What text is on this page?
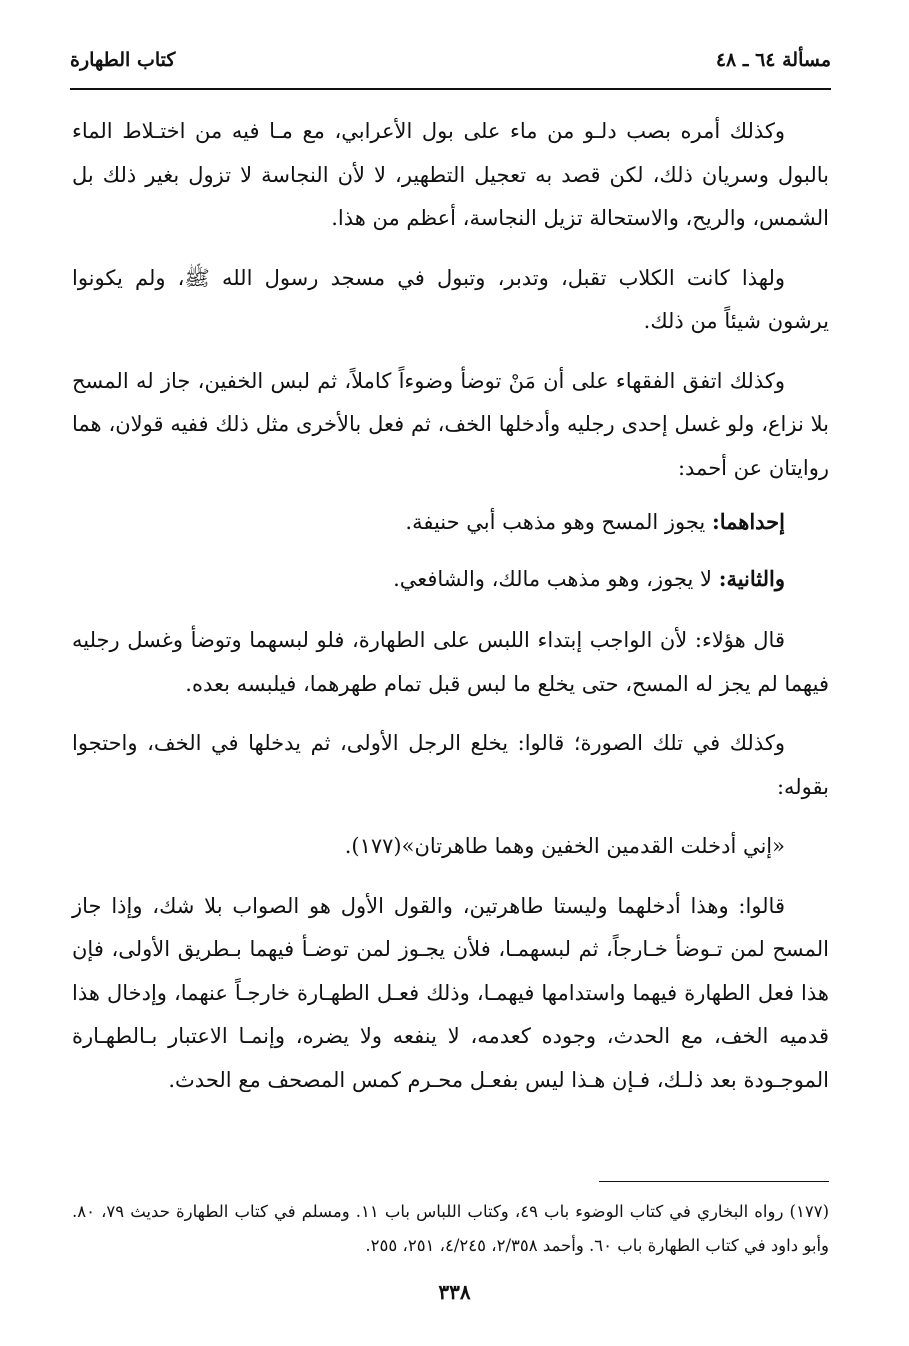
مسألة ٦٤ ـ ٤٨
كتاب الطهارة

وكذلك أمره بصب دلـو من ماء على بول الأعرابي، مع مـا فيه من اختـلاط الماء بالبول وسريان ذلك، لكن قصد به تعجيل التطهير، لا لأن النجاسة لا تزول بغير ذلك بل الشمس، والريح، والاستحالة تزيل النجاسة، أعظم من هذا.

ولهذا كانت الكلاب تقبل، وتدبر، وتبول في مسجد رسول الله ﷺ، ولم يكونوا يرشون شيئاً من ذلك.

وكذلك اتفق الفقهاء على أن مَنْ توضأ وضوءاً كاملاً، ثم لبس الخفين، جاز له المسح بلا نزاع، ولو غسل إحدى رجليه وأدخلها الخف، ثم فعل بالأخرى مثل ذلك ففيه قولان، هما روايتان عن أحمد:

إحداهما: يجوز المسح وهو مذهب أبي حنيفة.

والثانية: لا يجوز، وهو مذهب مالك، والشافعي.

قال هؤلاء: لأن الواجب إبتداء اللبس على الطهارة، فلو لبسهما وتوضأ وغسل رجليه فيهما لم يجز له المسح، حتى يخلع ما لبس قبل تمام طهرهما، فيلبسه بعده.

وكذلك في تلك الصورة؛ قالوا: يخلع الرجل الأولى، ثم يدخلها في الخف، واحتجوا بقوله:

«إني أدخلت القدمين الخفين وهما طاهرتان»(١٧٧).

قالوا: وهذا أدخلهما وليستا طاهرتين، والقول الأول هو الصواب بلا شك، وإذا جاز المسح لمن تـوضأ خـارجاً، ثم لبسهمـا، فلأن يجـوز لمن توضـأ فيهما بـطريق الأولى، فإن هذا فعل الطهارة فيهما واستدامها فيهمـا، وذلك فعـل الطهـارة خارجـاً عنهما، وإدخال هذا قدميه الخف، مع الحدث، وجوده كعدمه، لا ينفعه ولا يضره، وإنمـا الاعتبار بـالطهـارة الموجـودة بعد ذلـك، فـإن هـذا ليس بفعـل محـرم كمس المصحف مع الحدث.

(١٧٧) رواه البخاري في كتاب الوضوء باب ٤٩، وكتاب اللباس باب ١١. ومسلم في كتاب الطهارة حديث ٧٩، ٨٠. وأبو داود في كتاب الطهارة باب ٦٠. وأحمد ٢/٣٥٨، ٤/٢٤٥، ٢٥١، ٢٥٥.
٣٣٨
